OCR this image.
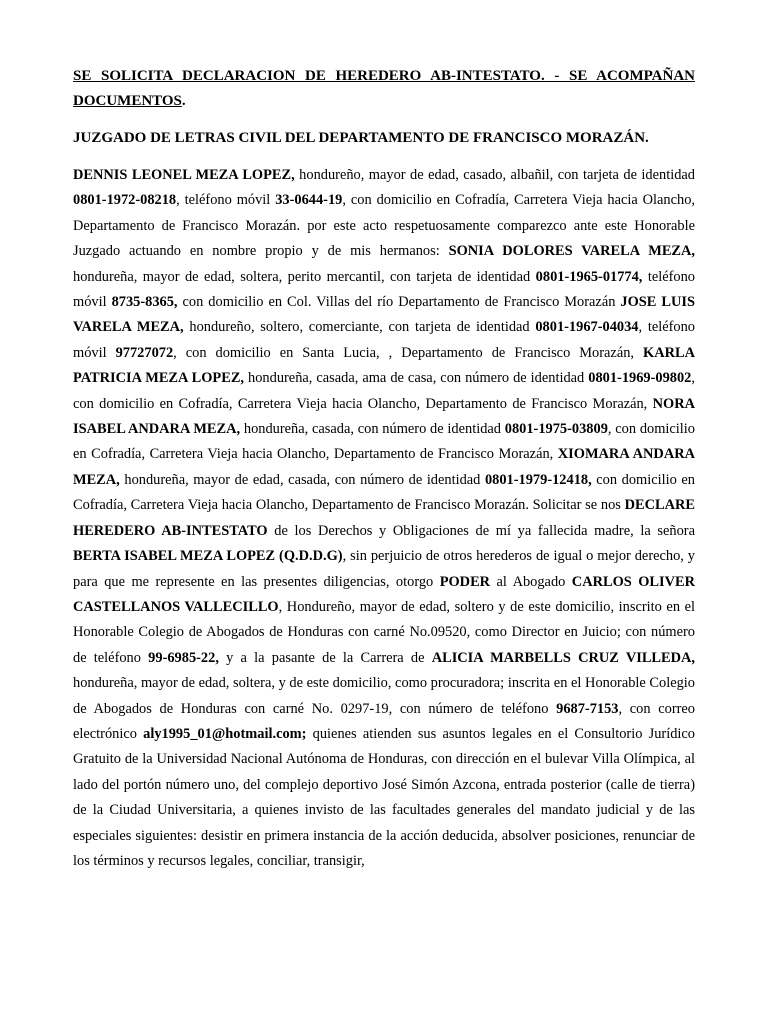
SE SOLICITA DECLARACION DE HEREDERO AB-INTESTATO. - SE ACOMPAÑAN DOCUMENTOS.

JUZGADO DE LETRAS CIVIL DEL DEPARTAMENTO DE FRANCISCO MORAZÁN.

DENNIS LEONEL MEZA LOPEZ, hondureño, mayor de edad, casado, albañil, con tarjeta de identidad 0801-1972-08218, teléfono móvil 33-0644-19, con domicilio en Cofradía, Carretera Vieja hacia Olancho, Departamento de Francisco Morazán. por este acto respetuosamente comparezco ante este Honorable Juzgado actuando en nombre propio y de mis hermanos: SONIA DOLORES VARELA MEZA, hondureña, mayor de edad, soltera, perito mercantil, con tarjeta de identidad 0801-1965-01774, teléfono móvil 8735-8365, con domicilio en Col. Villas del río Departamento de Francisco Morazán JOSE LUIS VARELA MEZA, hondureño, soltero, comerciante, con tarjeta de identidad 0801-1967-04034, teléfono móvil 97727072, con domicilio en Santa Lucia, , Departamento de Francisco Morazán, KARLA PATRICIA MEZA LOPEZ, hondureña, casada, ama de casa, con número de identidad 0801-1969-09802, con domicilio en Cofradía, Carretera Vieja hacia Olancho, Departamento de Francisco Morazán, NORA ISABEL ANDARA MEZA, hondureña, casada, con número de identidad 0801-1975-03809, con domicilio en Cofradía, Carretera Vieja hacia Olancho, Departamento de Francisco Morazán, XIOMARA ANDARA MEZA, hondureña, mayor de edad, casada, con número de identidad 0801-1979-12418, con domicilio en Cofradía, Carretera Vieja hacia Olancho, Departamento de Francisco Morazán. Solicitar se nos DECLARE HEREDERO AB-INTESTATO de los Derechos y Obligaciones de mí ya fallecida madre, la señora BERTA ISABEL MEZA LOPEZ (Q.D.D.G), sin perjuicio de otros herederos de igual o mejor derecho, y para que me represente en las presentes diligencias, otorgo PODER al Abogado CARLOS OLIVER CASTELLANOS VALLECILLO, Hondureño, mayor de edad, soltero y de este domicilio, inscrito en el Honorable Colegio de Abogados de Honduras con carné No.09520, como Director en Juicio; con número de teléfono 99-6985-22, y a la pasante de la Carrera de ALICIA MARBELLS CRUZ VILLEDA, hondureña, mayor de edad, soltera, y de este domicilio, como procuradora; inscrita en el Honorable Colegio de Abogados de Honduras con carné No. 0297-19, con número de teléfono 9687-7153, con correo electrónico aly1995_01@hotmail.com; quienes atienden sus asuntos legales en el Consultorio Jurídico Gratuito de la Universidad Nacional Autónoma de Honduras, con dirección en el bulevar Villa Olímpica, al lado del portón número uno, del complejo deportivo José Simón Azcona, entrada posterior (calle de tierra) de la Ciudad Universitaria, a quienes invisto de las facultades generales del mandato judicial y de las especiales siguientes: desistir en primera instancia de la acción deducida, absolver posiciones, renunciar de los términos y recursos legales, conciliar, transigir,
